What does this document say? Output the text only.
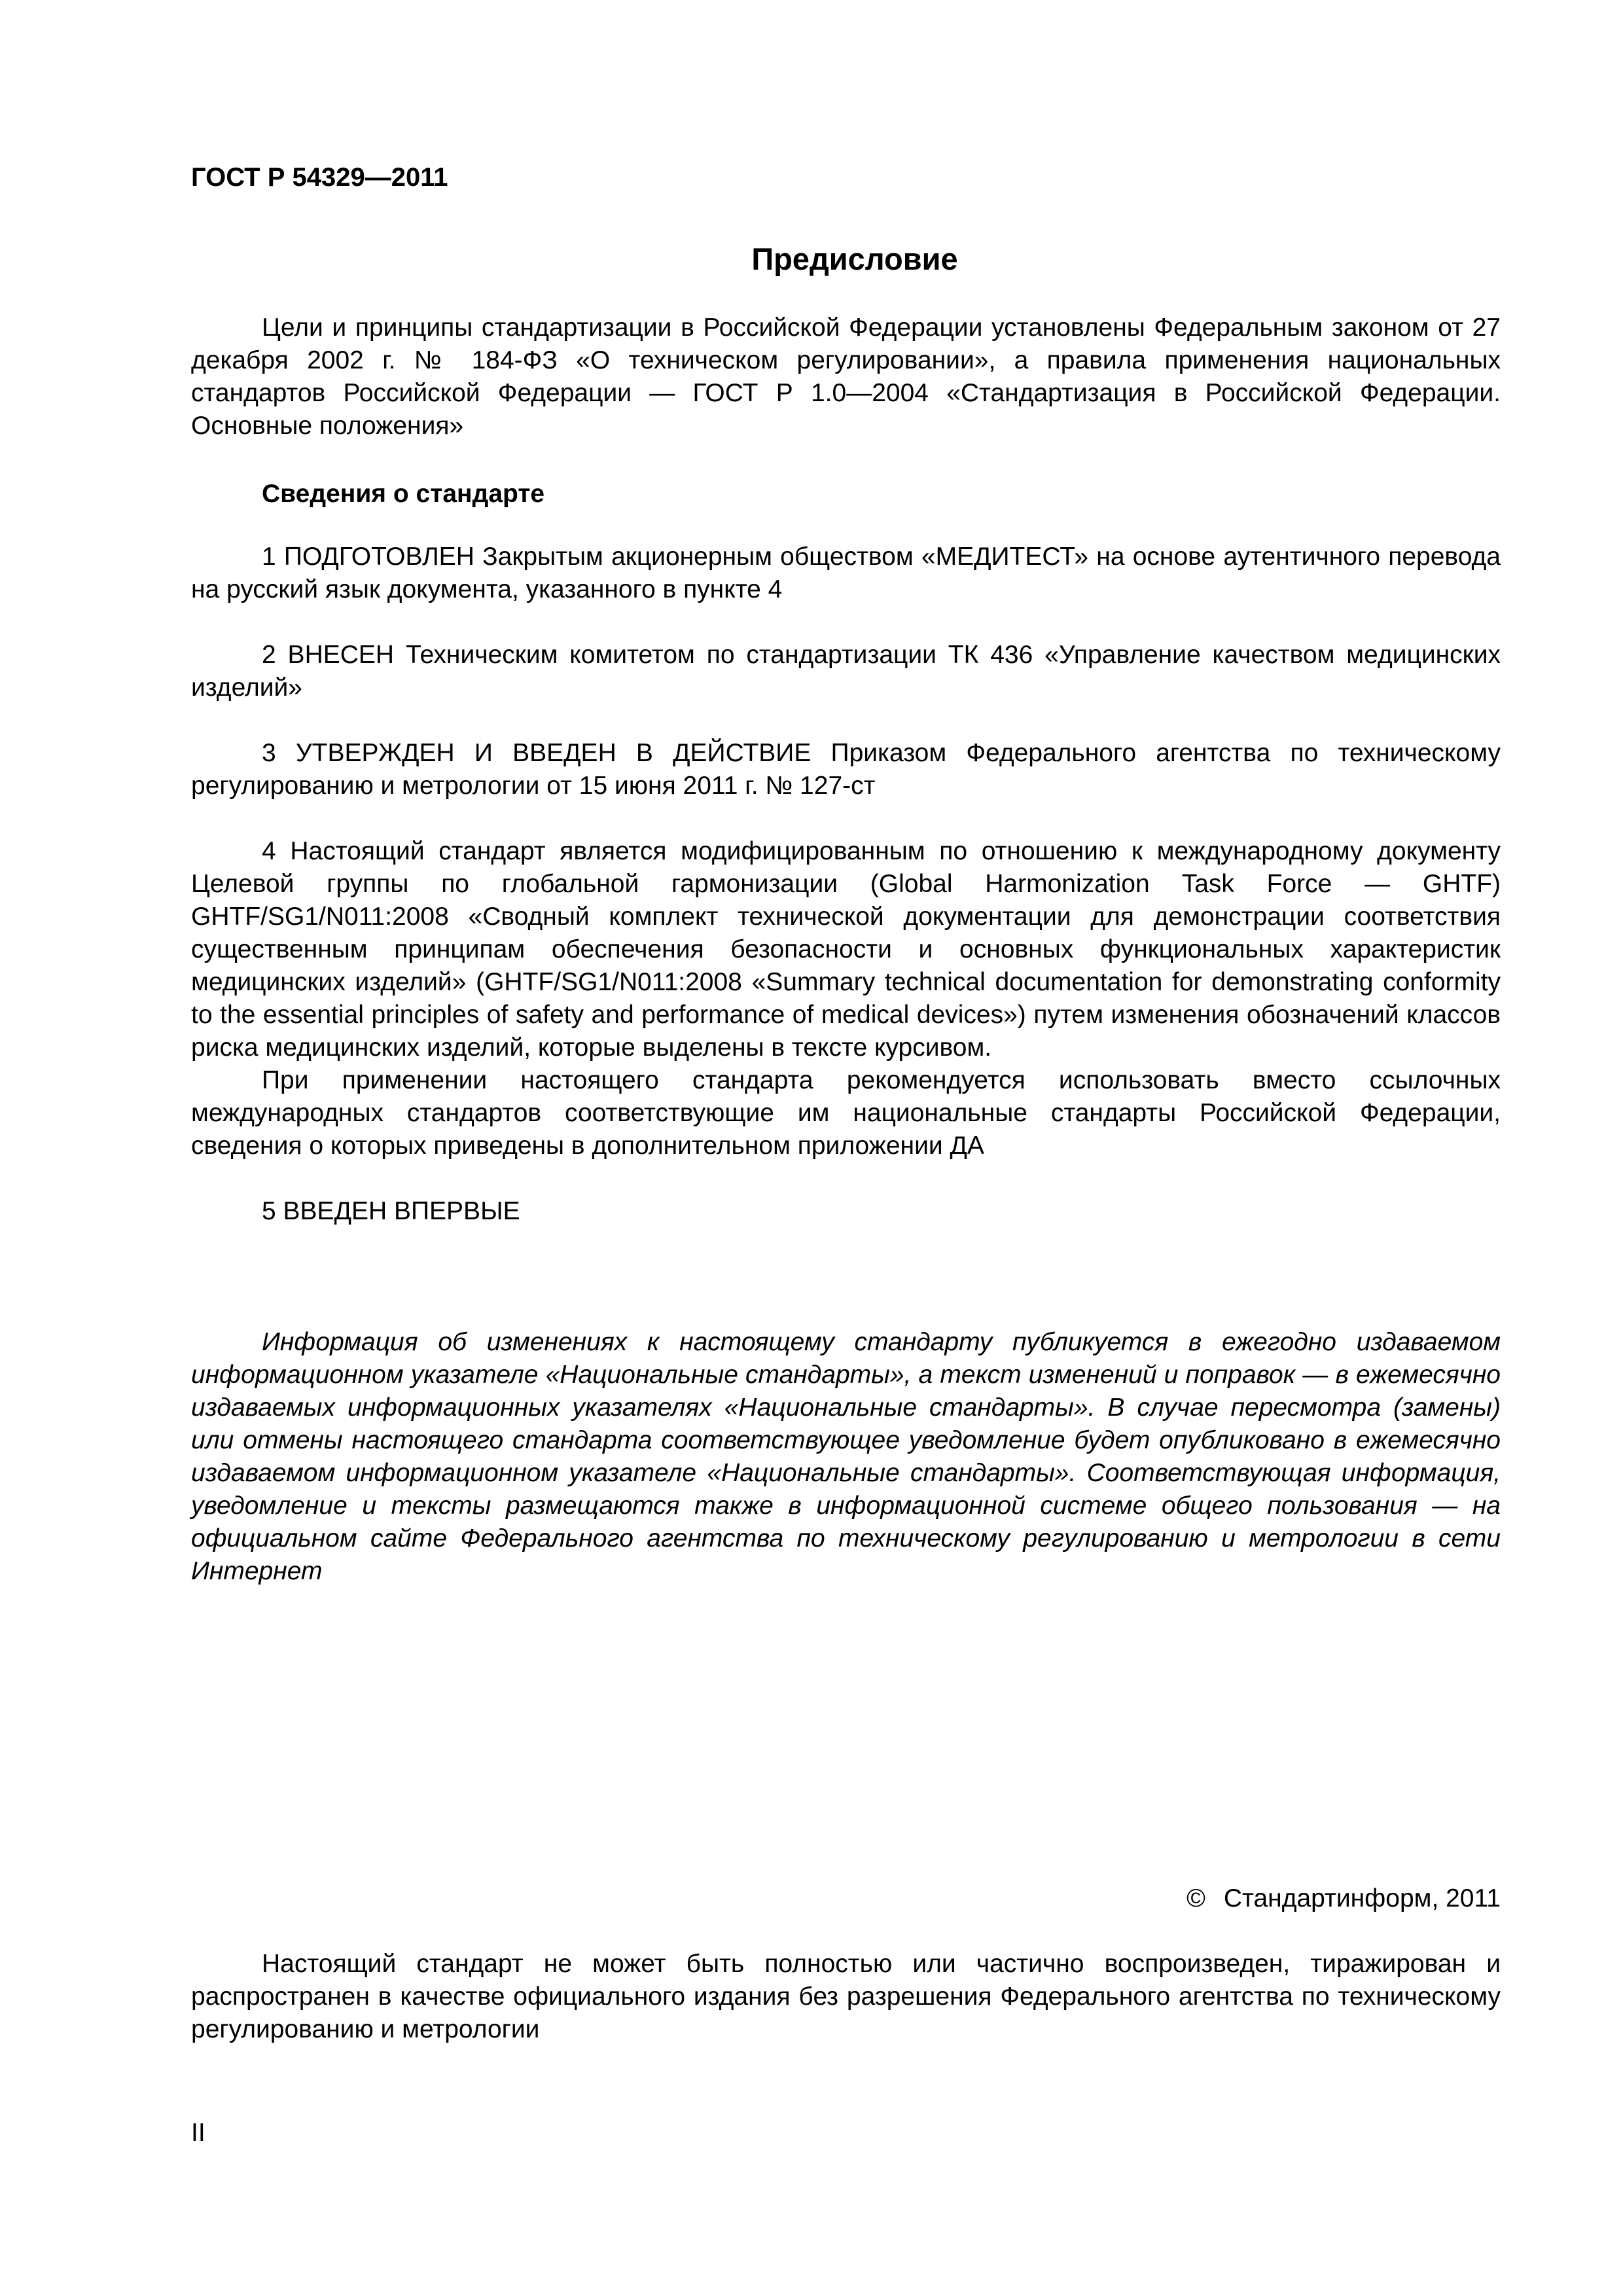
ГОСТ Р 54329—2011
Предисловие

Цели и принципы стандартизации в Российской Федерации установлены Федеральным законом от 27 декабря 2002 г. № 184-ФЗ «О техническом регулировании», а правила применения национальных стандартов Российской Федерации — ГОСТ Р 1.0—2004 «Стандартизация в Российской Федерации. Основные положения»

Сведения о стандарте

1 ПОДГОТОВЛЕН Закрытым акционерным обществом «МЕДИТЕСТ» на основе аутентичного перевода на русский язык документа, указанного в пункте 4

2 ВНЕСЕН Техническим комитетом по стандартизации ТК 436 «Управление качеством медицинских изделий»

3 УТВЕРЖДЕН И ВВЕДЕН В ДЕЙСТВИЕ Приказом Федерального агентства по техническому регулированию и метрологии от 15 июня 2011 г. № 127-ст

4 Настоящий стандарт является модифицированным по отношению к международному документу Целевой группы по глобальной гармонизации (Global Harmonization Task Force — GHTF) GHTF/SG1/N011:2008 «Сводный комплект технической документации для демонстрации соответствия существенным принципам обеспечения безопасности и основных функциональных характеристик медицинских изделий» (GHTF/SG1/N011:2008 «Summary technical documentation for demonstrating conformity to the essential principles of safety and performance of medical devices») путем изменения обозначений классов риска медицинских изделий, которые выделены в тексте курсивом.

При применении настоящего стандарта рекомендуется использовать вместо ссылочных международных стандартов соответствующие им национальные стандарты Российской Федерации, сведения о которых приведены в дополнительном приложении ДА

5 ВВЕДЕН ВПЕРВЫЕ

Информация об изменениях к настоящему стандарту публикуется в ежегодно издаваемом информационном указателе «Национальные стандарты», а текст изменений и поправок — в ежемесячно издаваемых информационных указателях «Национальные стандарты». В случае пересмотра (замены) или отмены настоящего стандарта соответствующее уведомление будет опубликовано в ежемесячно издаваемом информационном указателе «Национальные стандарты». Соответствующая информация, уведомление и тексты размещаются также в информационной системе общего пользования — на официальном сайте Федерального агентства по техническому регулированию и метрологии в сети Интернет

© Стандартинформ, 2011

Настоящий стандарт не может быть полностью или частично воспроизведен, тиражирован и распространен в качестве официального издания без разрешения Федерального агентства по техническому регулированию и метрологии

II
